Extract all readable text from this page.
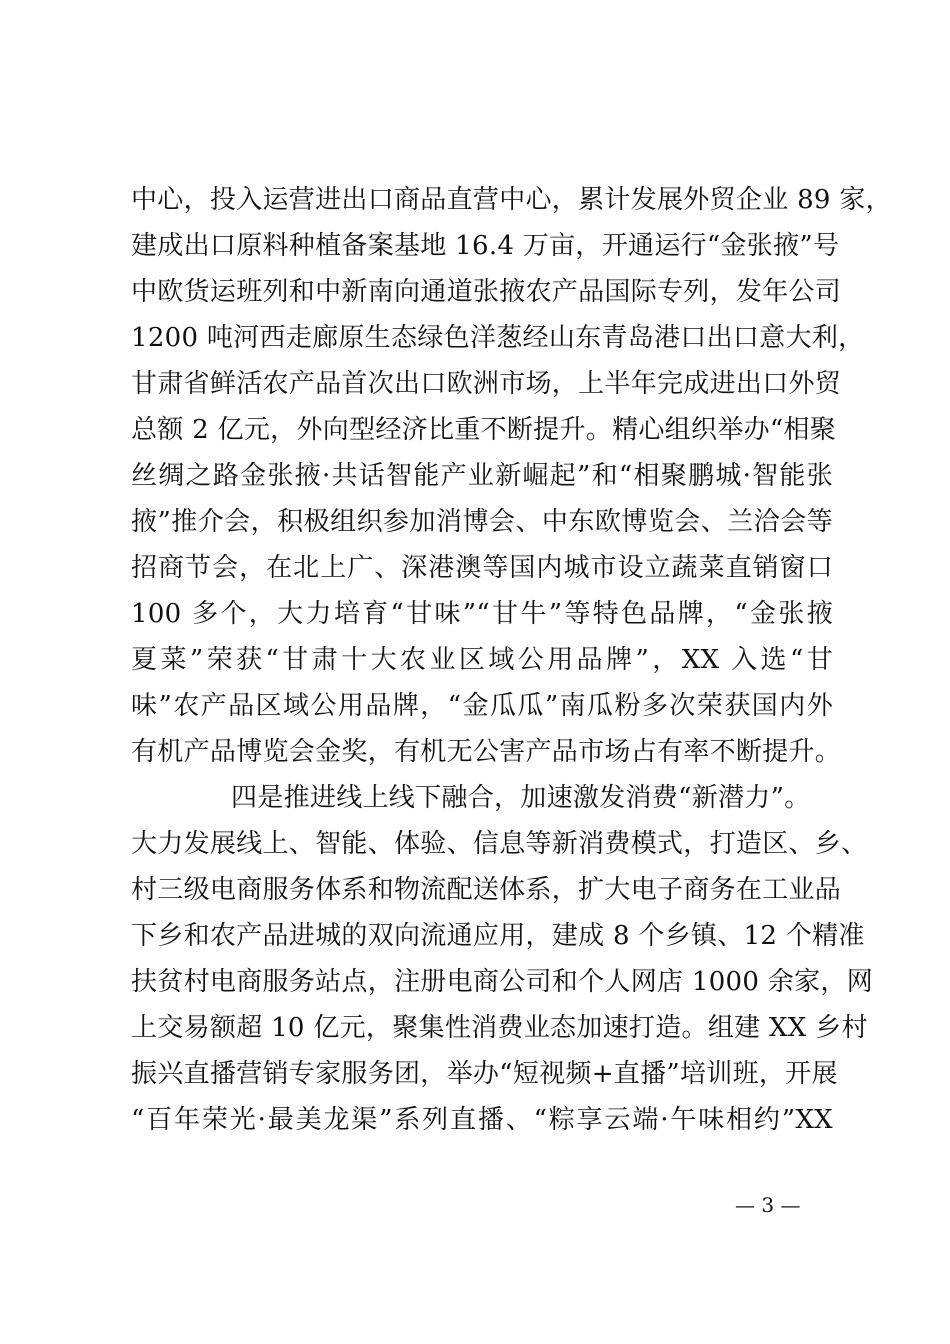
中心，投入运营进出口商品直营中心，累计发展外贸企业 89 家，
建成出口原料种植备案基地 16.4 万亩，开通运行“金张掖”号
中欧货运班列和中新南向通道张掖农产品国际专列，发年公司
1200 吨河西走廊原生态绿色洋葱经山东青岛港口出口意大利，
甘肃省鲜活农产品首次出口欧洲市场，上半年完成进出口外贸
总额 2 亿元，外向型经济比重不断提升。精心组织举办“相聚
丝绸之路金张掖·共话智能产业新崛起”和“相聚鹏城·智能张
掖”推介会，积极组织参加消博会、中东欧博览会、兰洽会等
招商节会，在北上广、深港澳等国内城市设立蔬菜直销窗口
100 多个，大力培育“甘味”“甘牛”等特色品牌，“金张掖
夏菜”荣获“甘肃十大农业区域公用品牌”，XX 入选“甘
味”农产品区域公用品牌，“金瓜瓜”南瓜粉多次荣获国内外
有机产品博览会金奖，有机无公害产品市场占有率不断提升。
四是推进线上线下融合，加速激发消费“新潜力”。
大力发展线上、智能、体验、信息等新消费模式，打造区、乡、
村三级电商服务体系和物流配送体系，扩大电子商务在工业品
下乡和农产品进城的双向流通应用，建成 8 个乡镇、12 个精准
扶贫村电商服务站点，注册电商公司和个人网店 1000 余家，网
上交易额超 10 亿元，聚集性消费业态加速打造。组建 XX 乡村
振兴直播营销专家服务团，举办“短视频+直播”培训班，开展
“百年荣光·最美龙渠”系列直播、“粽享云端·午味相约”XX
— 3 —
